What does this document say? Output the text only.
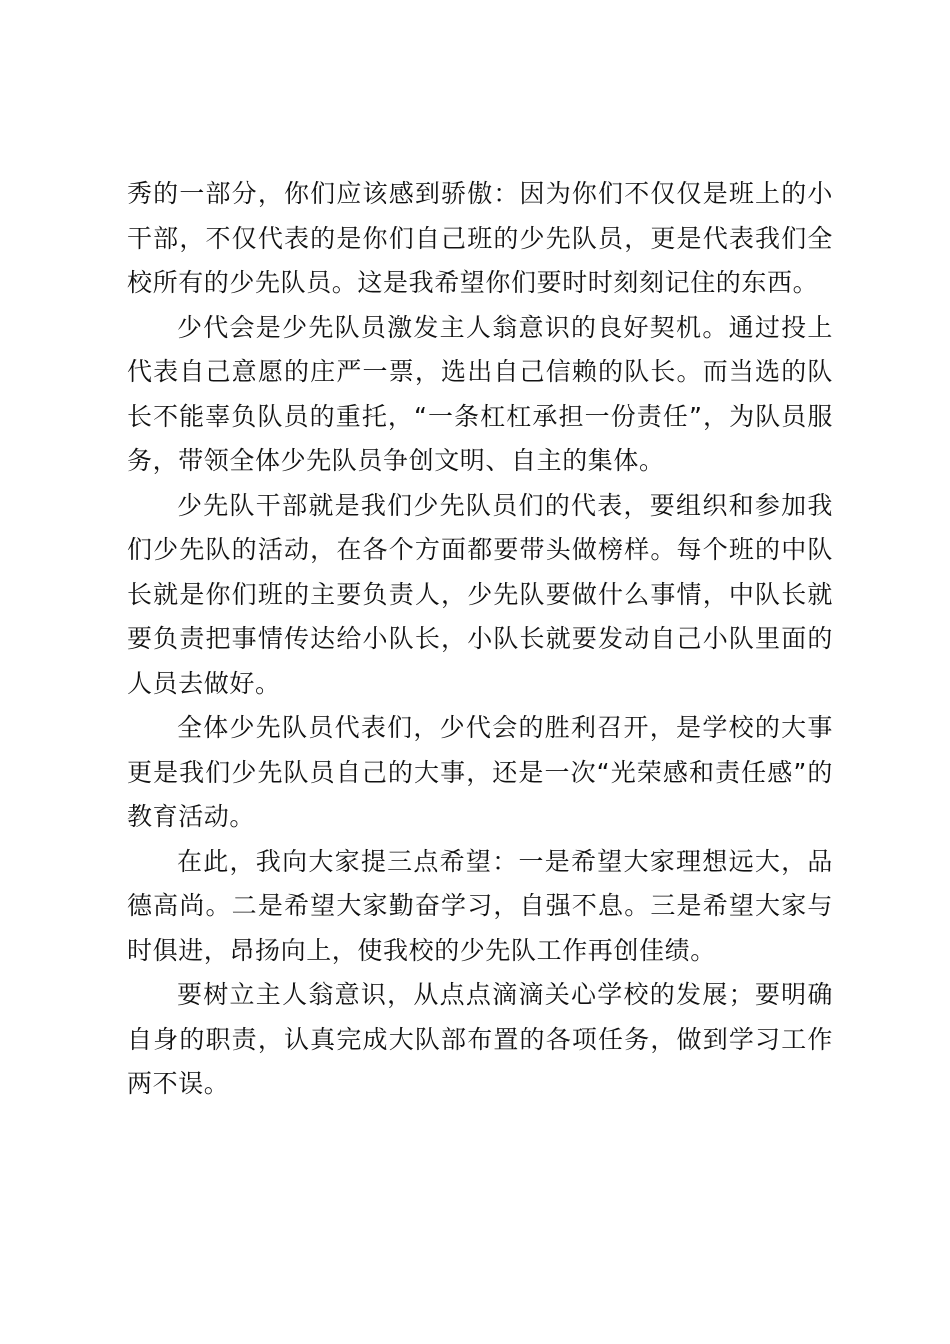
秀的一部分，你们应该感到骄傲：因为你们不仅仅是班上的小干部，不仅代表的是你们自己班的少先队员，更是代表我们全校所有的少先队员。这是我希望你们要时时刻刻记住的东西。

少代会是少先队员激发主人翁意识的良好契机。通过投上代表自己意愿的庄严一票，选出自己信赖的队长。而当选的队长不能辜负队员的重托，“一条杠杠承担一份责任”，为队员服务，带领全体少先队员争创文明、自主的集体。

少先队干部就是我们少先队员们的代表，要组织和参加我们少先队的活动，在各个方面都要带头做榜样。每个班的中队长就是你们班的主要负责人，少先队要做什么事情，中队长就要负责把事情传达给小队长，小队长就要发动自己小队里面的人员去做好。

全体少先队员代表们，少代会的胜利召开，是学校的大事更是我们少先队员自己的大事，还是一次“光荣感和责任感”的教育活动。

在此，我向大家提三点希望：一是希望大家理想远大，品德高尚。二是希望大家勤奋学习，自强不息。三是希望大家与时俱进，昂扬向上，使我校的少先队工作再创佳绩。

要树立主人翁意识，从点点滴滴关心学校的发展；要明确自身的职责，认真完成大队部布置的各项任务，做到学习工作两不误。
